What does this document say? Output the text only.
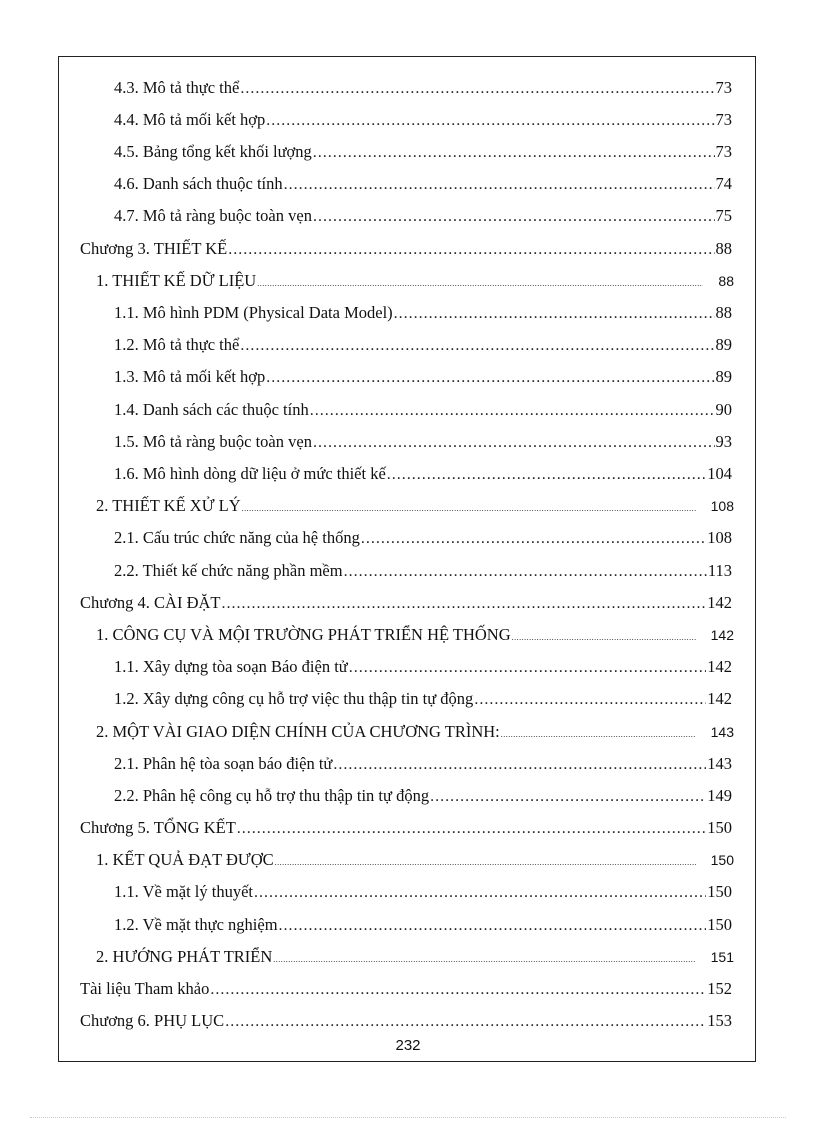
4.3. Mô tả thực thể .....	73
4.4. Mô tả mối kết hợp .....	73
4.5. Bảng tổng kết khối lượng .....	73
4.6. Danh sách thuộc tính .....	74
4.7. Mô tả ràng buộc toàn vẹn .....	75
Chương 3. THIẾT KẾ .....	88
1. THIẾT KẾ DỮ LIỆU .....	88
1.1. Mô hình PDM (Physical Data Model) .....	88
1.2. Mô tả thực thể .....	89
1.3. Mô tả mối kết hợp .....	89
1.4. Danh sách các thuộc tính .....	90
1.5. Mô tả ràng buộc toàn vẹn .....	93
1.6. Mô hình dòng dữ liệu ở mức thiết kế .....	104
2. THIẾT KẾ XỬ LÝ .....	108
2.1. Cấu trúc chức năng của hệ thống .....	108
2.2. Thiết kế chức năng phần mềm .....	113
Chương 4. CÀI ĐẶT .....	142
1. CÔNG CỤ VÀ MỘI TRƯỜNG PHÁT TRIỂN HỆ THỐNG .....	142
1.1. Xây dựng tòa soạn Báo điện tử .....	142
1.2. Xây dựng công cụ hỗ trợ việc thu thập tin tự động .....	142
2. MỘT VÀI GIAO DIỆN CHÍNH CỦA CHƯƠNG TRÌNH: .....	143
2.1. Phân hệ tòa soạn báo điện tử .....	143
2.2. Phân hệ công cụ hỗ trợ thu thập tin tự động .....	149
Chương 5. TỔNG KẾT .....	150
1. KẾT QUẢ ĐẠT ĐƯỢC .....	150
1.1. Về mặt lý thuyết .....	150
1.2. Về mặt thực nghiệm .....	150
2. HƯỚNG PHÁT TRIỂN .....	151
Tài liệu Tham khảo .....	152
Chương 6. PHỤ LỤC .....	153
232
